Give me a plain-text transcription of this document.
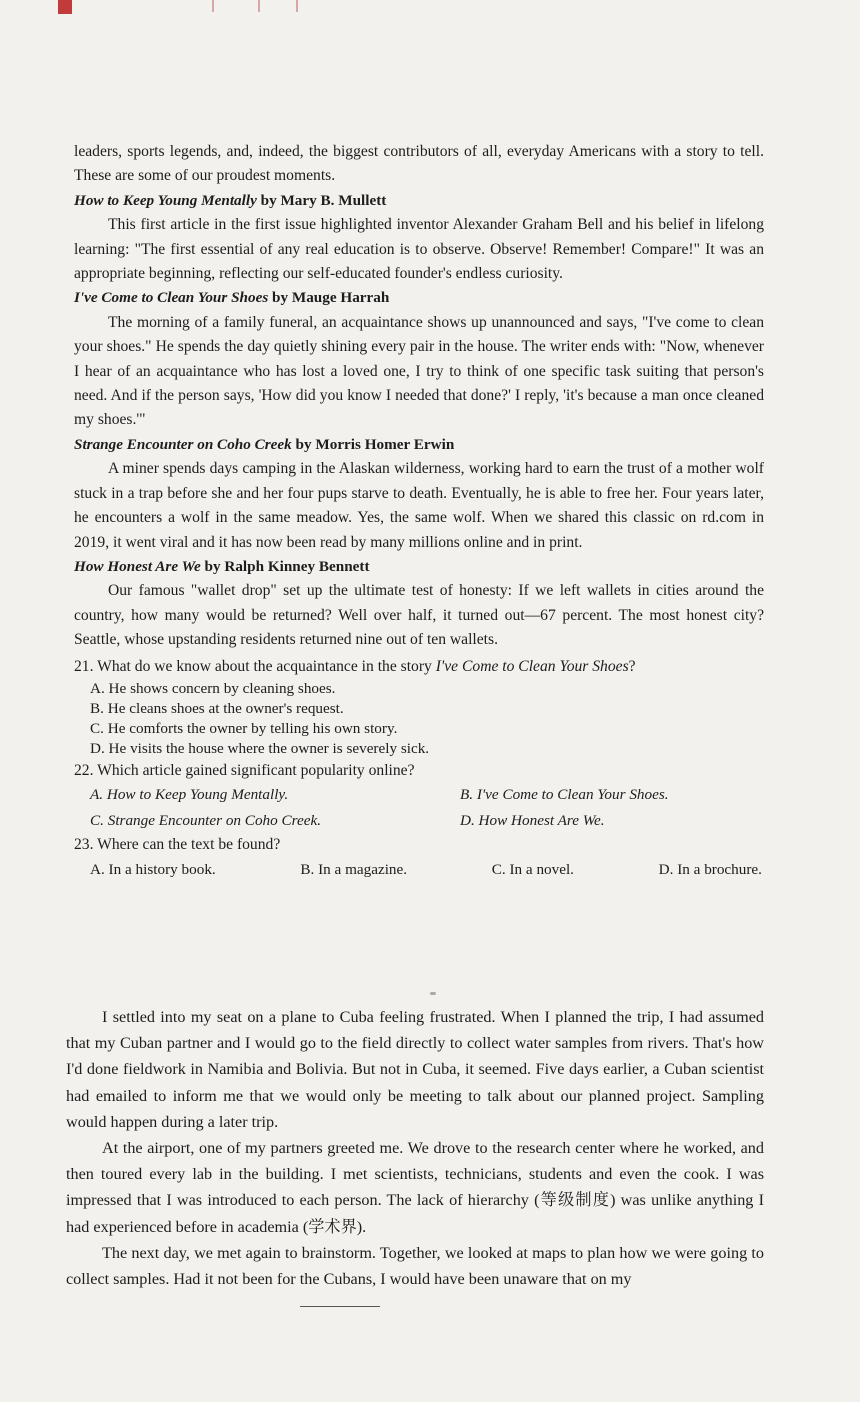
leaders, sports legends, and, indeed, the biggest contributors of all, everyday Americans with a story to tell. These are some of our proudest moments.

How to Keep Young Mentally by Mary B. Mullett

This first article in the first issue highlighted inventor Alexander Graham Bell and his belief in lifelong learning: "The first essential of any real education is to observe. Observe! Remember! Compare!" It was an appropriate beginning, reflecting our self-educated founder's endless curiosity.

I've Come to Clean Your Shoes by Mauge Harrah

The morning of a family funeral, an acquaintance shows up unannounced and says, "I've come to clean your shoes." He spends the day quietly shining every pair in the house. The writer ends with: "Now, whenever I hear of an acquaintance who has lost a loved one, I try to think of one specific task suiting that person's need. And if the person says, 'How did you know I needed that done?' I reply, 'it's because a man once cleaned my shoes.'"

Strange Encounter on Coho Creek by Morris Homer Erwin

A miner spends days camping in the Alaskan wilderness, working hard to earn the trust of a mother wolf stuck in a trap before she and her four pups starve to death. Eventually, he is able to free her. Four years later, he encounters a wolf in the same meadow. Yes, the same wolf. When we shared this classic on rd.com in 2019, it went viral and it has now been read by many millions online and in print.

How Honest Are We by Ralph Kinney Bennett

Our famous "wallet drop" set up the ultimate test of honesty: If we left wallets in cities around the country, how many would be returned? Well over half, it turned out—67 percent. The most honest city? Seattle, whose upstanding residents returned nine out of ten wallets.

21. What do we know about the acquaintance in the story I've Come to Clean Your Shoes?

A. He shows concern by cleaning shoes.

B. He cleans shoes at the owner's request.

C. He comforts the owner by telling his own story.

D. He visits the house where the owner is severely sick.

22. Which article gained significant popularity online?

A. How to Keep Young Mentally.	B. I've Come to Clean Your Shoes.

C. Strange Encounter on Coho Creek.	D. How Honest Are We.

23. Where can the text be found?

A. In a history book.	B. In a magazine.	C. In a novel.	D. In a brochure.

I settled into my seat on a plane to Cuba feeling frustrated. When I planned the trip, I had assumed that my Cuban partner and I would go to the field directly to collect water samples from rivers. That's how I'd done fieldwork in Namibia and Bolivia. But not in Cuba, it seemed. Five days earlier, a Cuban scientist had emailed to inform me that we would only be meeting to talk about our planned project. Sampling would happen during a later trip.

At the airport, one of my partners greeted me. We drove to the research center where he worked, and then toured every lab in the building. I met scientists, technicians, students and even the cook. I was impressed that I was introduced to each person. The lack of hierarchy (等级制度) was unlike anything I had experienced before in academia (学术界).

The next day, we met again to brainstorm. Together, we looked at maps to plan how we were going to collect samples. Had it not been for the Cubans, I would have been unaware that on my
